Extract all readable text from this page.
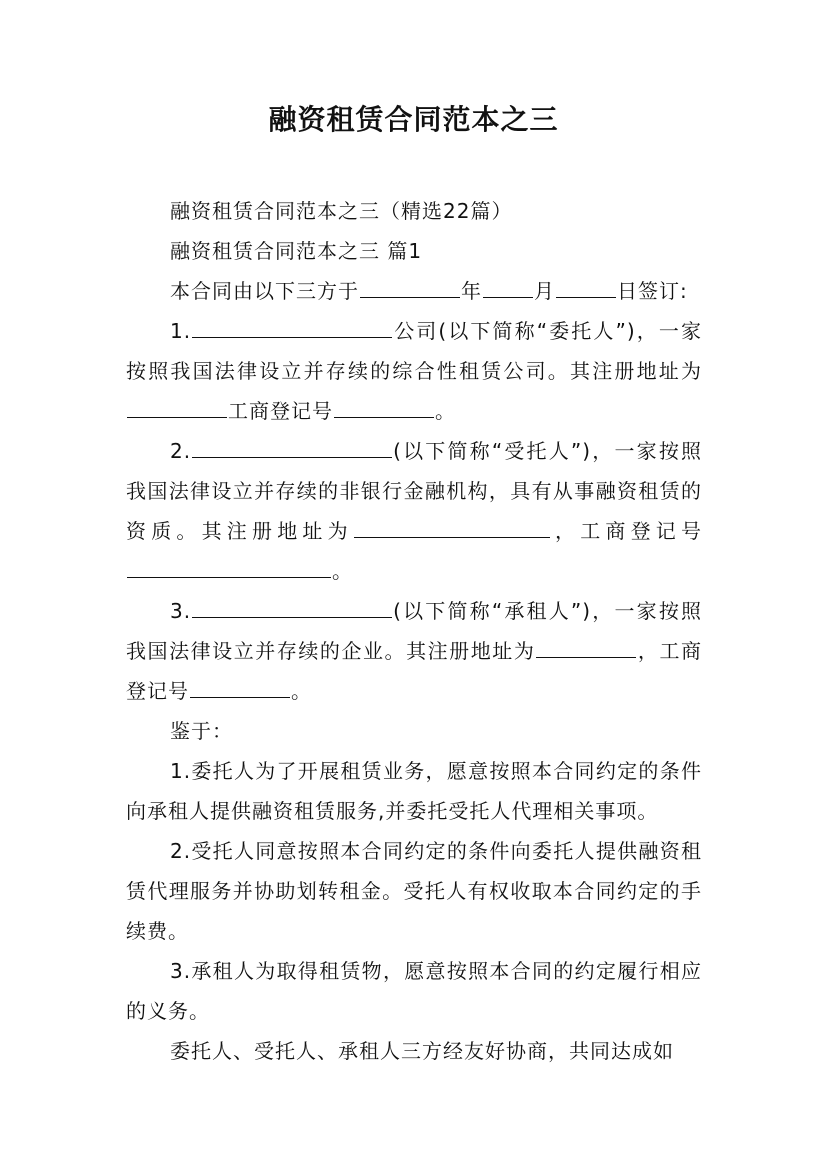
融资租赁合同范本之三

融资租赁合同范本之三（精选22篇）

融资租赁合同范本之三 篇1

本合同由以下三方于	年	月	日签订:

1.	公司(以下简称“委托人”)，一家按照我国法律设立并存续的综合性租赁公司。其注册地址为工商登记号	。

2.	(以下简称“受托人”)，一家按照我国法律设立并存续的非银行金融机构，具有从事融资租赁的资质。其注册地址为	，工商登记号。

3.	(以下简称“承租人”)，一家按照我国法律设立并存续的企业。其注册地址为	，工商登记号	。

鉴于：

1.委托人为了开展租赁业务，愿意按照本合同约定的条件向承租人提供融资租赁服务,并委托受托人代理相关事项。

2.受托人同意按照本合同约定的条件向委托人提供融资租赁代理服务并协助划转租金。受托人有权收取本合同约定的手续费。

3.承租人为取得租赁物，愿意按照本合同的约定履行相应的义务。

委托人、受托人、承租人三方经友好协商，共同达成如
